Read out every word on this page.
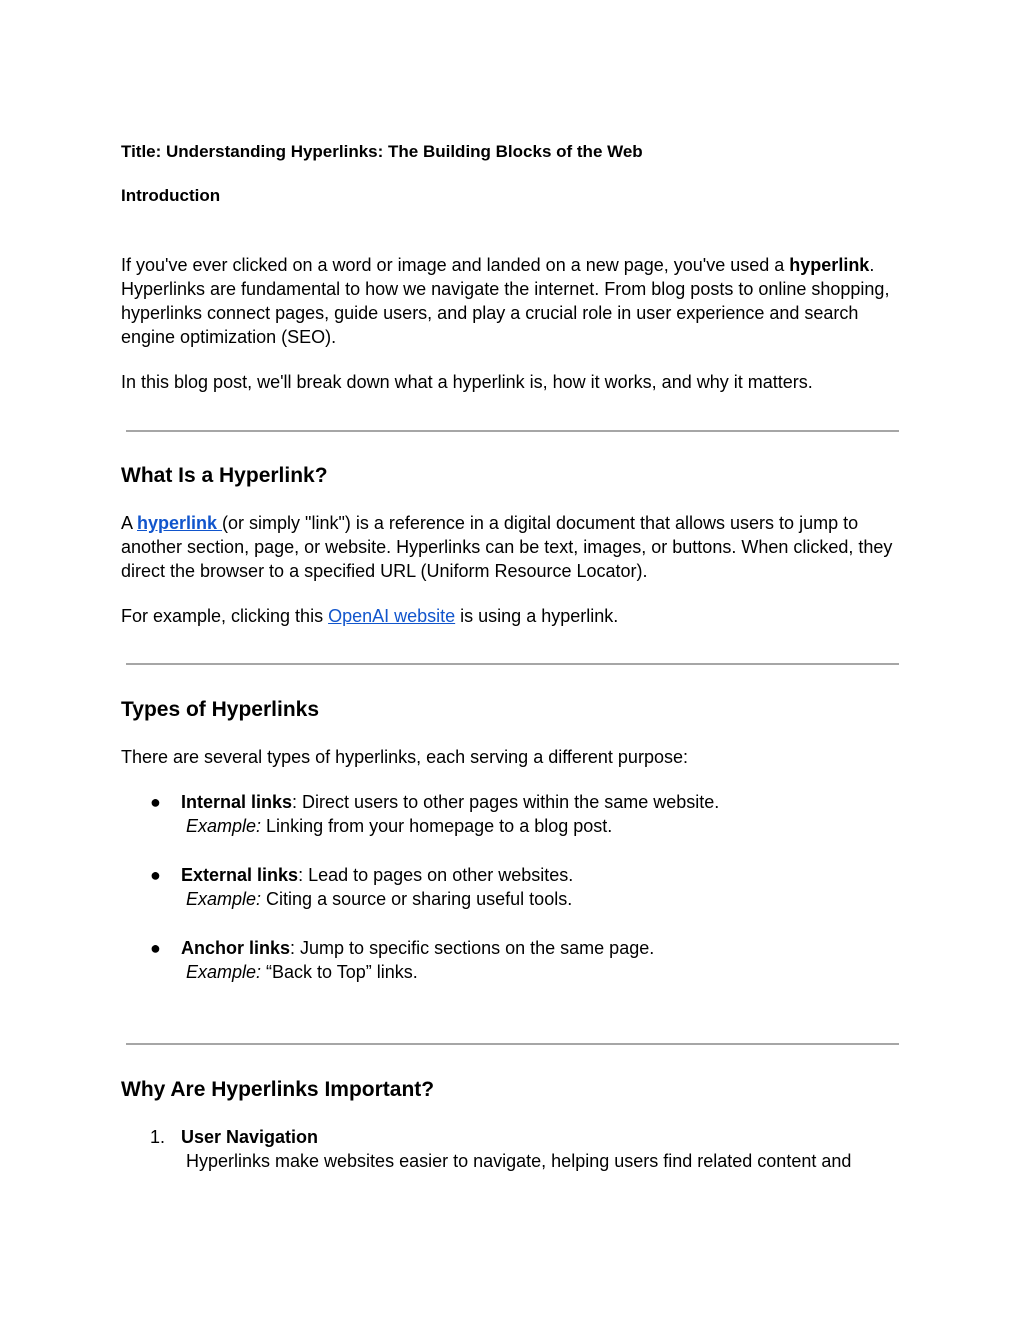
Title: Understanding Hyperlinks: The Building Blocks of the Web

Introduction

If you've ever clicked on a word or image and landed on a new page, you've used a hyperlink. Hyperlinks are fundamental to how we navigate the internet. From blog posts to online shopping, hyperlinks connect pages, guide users, and play a crucial role in user experience and search engine optimization (SEO).

In this blog post, we'll break down what a hyperlink is, how it works, and why it matters.

What Is a Hyperlink?

A hyperlink (or simply "link") is a reference in a digital document that allows users to jump to another section, page, or website. Hyperlinks can be text, images, or buttons. When clicked, they direct the browser to a specified URL (Uniform Resource Locator).

For example, clicking this OpenAI website is using a hyperlink.

Types of Hyperlinks

There are several types of hyperlinks, each serving a different purpose:

● Internal links: Direct users to other pages within the same website.
Example: Linking from your homepage to a blog post.
● External links: Lead to pages on other websites.
Example: Citing a source or sharing useful tools.
● Anchor links: Jump to specific sections on the same page.
Example: “Back to Top” links.
Why Are Hyperlinks Important?
1. User Navigation
Hyperlinks make websites easier to navigate, helping users find related content and
